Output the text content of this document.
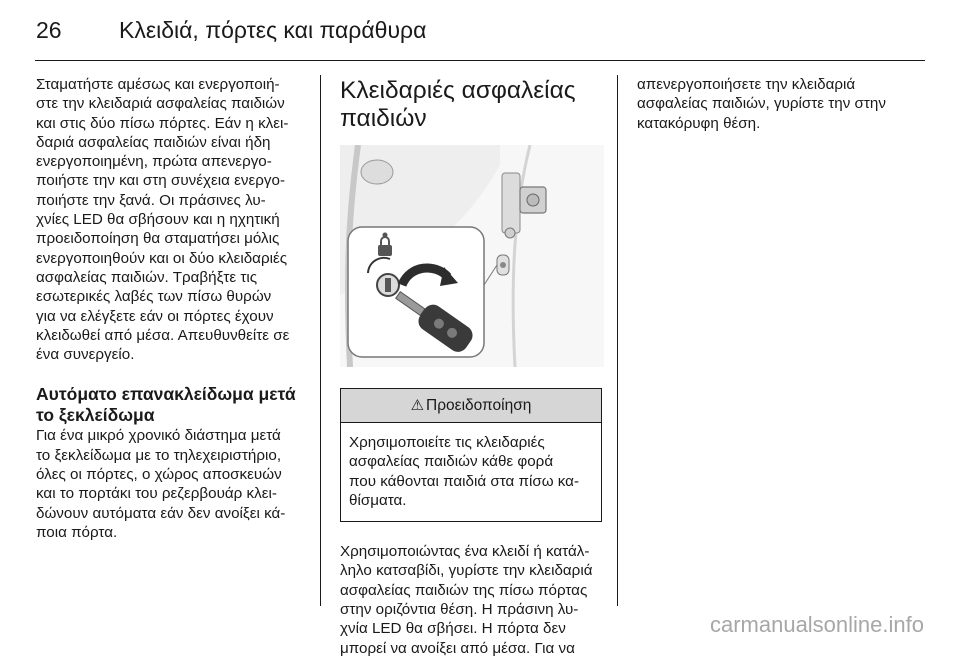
26 Κλειδιά, πόρτες και παράθυρα
Σταματήστε αμέσως και ενεργοποιή-
στε την κλειδαριά ασφαλείας παιδιών
και στις δύο πίσω πόρτες. Εάν η κλει-
δαριά ασφαλείας παιδιών είναι ήδη
ενεργοποιημένη, πρώτα απενεργο-
ποιήστε την και στη συνέχεια ενεργο-
ποιήστε την ξανά. Οι πράσινες λυ-
χνίες LED θα σβήσουν και η ηχητική
προειδοποίηση θα σταματήσει μόλις
ενεργοποιηθούν και οι δύο κλειδαριές
ασφαλείας παιδιών. Τραβήξτε τις
εσωτερικές λαβές των πίσω θυρών
για να ελέγξετε εάν οι πόρτες έχουν
κλειδωθεί από μέσα. Απευθυνθείτε σε
ένα συνεργείο.
Αυτόματο επανακλείδωμα μετά
το ξεκλείδωμα
Για ένα μικρό χρονικό διάστημα μετά
το ξεκλείδωμα με το τηλεχειριστήριο,
όλες οι πόρτες, ο χώρος αποσκευών
και το πορτάκι του ρεζερβουάρ κλει-
δώνουν αυτόματα εάν δεν ανοίξει κά-
ποια πόρτα.
Κλειδαριές ασφαλείας
παιδιών
⚠ Προειδοποίηση
Χρησιμοποιείτε τις κλειδαριές
ασφαλείας παιδιών κάθε φορά
που κάθονται παιδιά στα πίσω κα-
θίσματα.
Χρησιμοποιώντας ένα κλειδί ή κατάλ-
ληλο κατσαβίδι, γυρίστε την κλειδαριά
ασφαλείας παιδιών της πίσω πόρτας
στην οριζόντια θέση. Η πράσινη λυ-
χνία LED θα σβήσει. Η πόρτα δεν
μπορεί να ανοίξει από μέσα. Για να
απενεργοποιήσετε την κλειδαριά
ασφαλείας παιδιών, γυρίστε την στην
κατακόρυφη θέση.
carmanualsonline.info
